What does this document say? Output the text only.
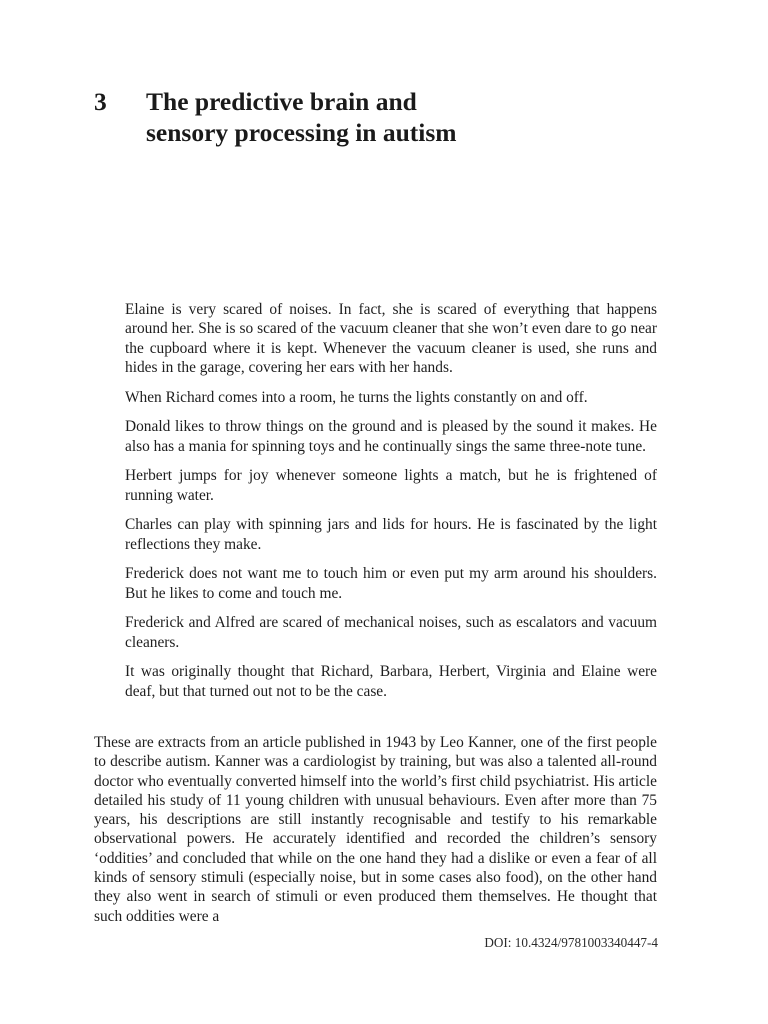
3 The predictive brain and
sensory processing in autism

Elaine is very scared of noises. In fact, she is scared of everything that happens around her. She is so scared of the vacuum cleaner that she won’t even dare to go near the cupboard where it is kept. Whenever the vacuum cleaner is used, she runs and hides in the garage, covering her ears with her hands.

When Richard comes into a room, he turns the lights constantly on and off.

Donald likes to throw things on the ground and is pleased by the sound it makes. He also has a mania for spinning toys and he continually sings the same three-note tune.

Herbert jumps for joy whenever someone lights a match, but he is frightened of running water.

Charles can play with spinning jars and lids for hours. He is fascinated by the light reflections they make.

Frederick does not want me to touch him or even put my arm around his shoulders. But he likes to come and touch me.

Frederick and Alfred are scared of mechanical noises, such as escalators and vacuum cleaners.

It was originally thought that Richard, Barbara, Herbert, Virginia and Elaine were deaf, but that turned out not to be the case.

These are extracts from an article published in 1943 by Leo Kanner, one of the first people to describe autism. Kanner was a cardiologist by training, but was also a talented all-round doctor who eventually converted himself into the world’s first child psychiatrist. His article detailed his study of 11 young children with unusual behaviours. Even after more than 75 years, his descriptions are still instantly recognisable and testify to his remarkable observational powers. He accurately identified and recorded the children’s sensory ‘oddities’ and concluded that while on the one hand they had a dislike or even a fear of all kinds of sensory stimuli (especially noise, but in some cases also food), on the other hand they also went in search of stimuli or even produced them themselves. He thought that such oddities were a

DOI: 10.4324/9781003340447-4
